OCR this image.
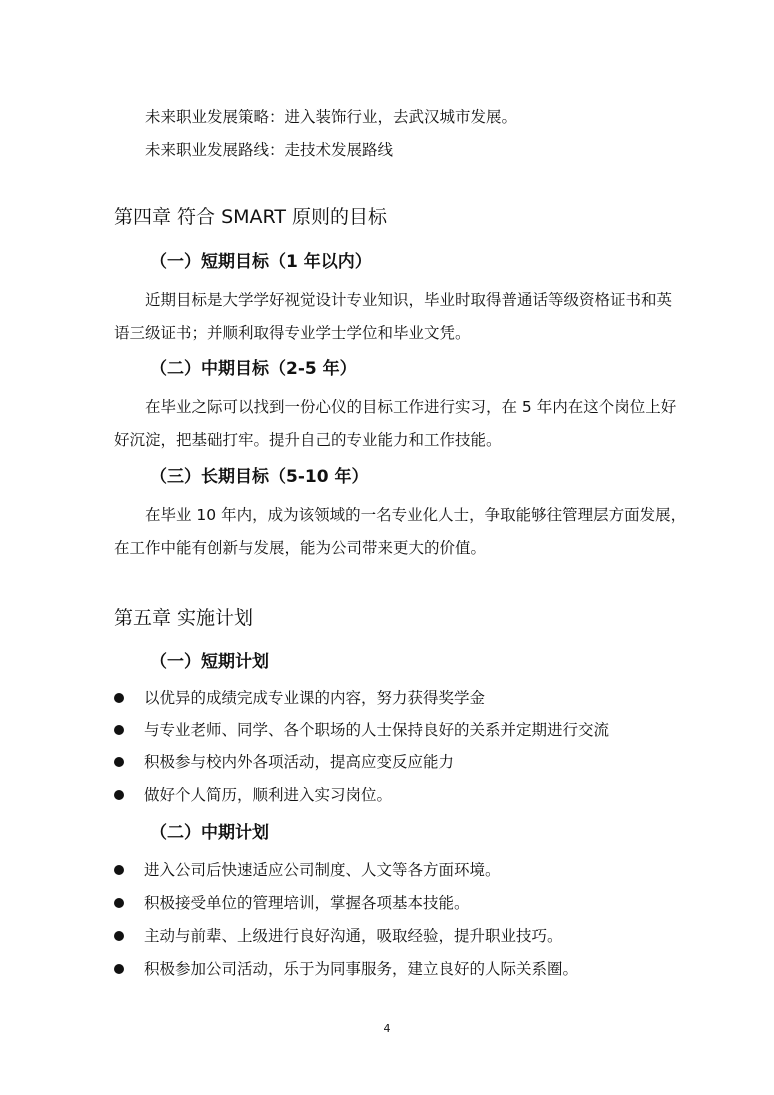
未来职业发展策略：进入装饰行业，去武汉城市发展。
未来职业发展路线：走技术发展路线
第四章 符合 SMART 原则的目标
（一）短期目标（1 年以内）
近期目标是大学学好视觉设计专业知识，毕业时取得普通话等级资格证书和英
语三级证书；并顺利取得专业学士学位和毕业文凭。
（二）中期目标（2-5 年）
在毕业之际可以找到一份心仪的目标工作进行实习，在 5 年内在这个岗位上好
好沉淀，把基础打牢。提升自己的专业能力和工作技能。
（三）长期目标（5-10 年）
在毕业 10 年内，成为该领域的一名专业化人士，争取能够往管理层方面发展，
在工作中能有创新与发展，能为公司带来更大的价值。
第五章 实施计划
（一）短期计划
以优异的成绩完成专业课的内容，努力获得奖学金
与专业老师、同学、各个职场的人士保持良好的关系并定期进行交流
积极参与校内外各项活动，提高应变反应能力
做好个人简历，顺利进入实习岗位。
（二）中期计划
进入公司后快速适应公司制度、人文等各方面环境。
积极接受单位的管理培训，掌握各项基本技能。
主动与前辈、上级进行良好沟通，吸取经验，提升职业技巧。
积极参加公司活动，乐于为同事服务，建立良好的人际关系圈。
4
